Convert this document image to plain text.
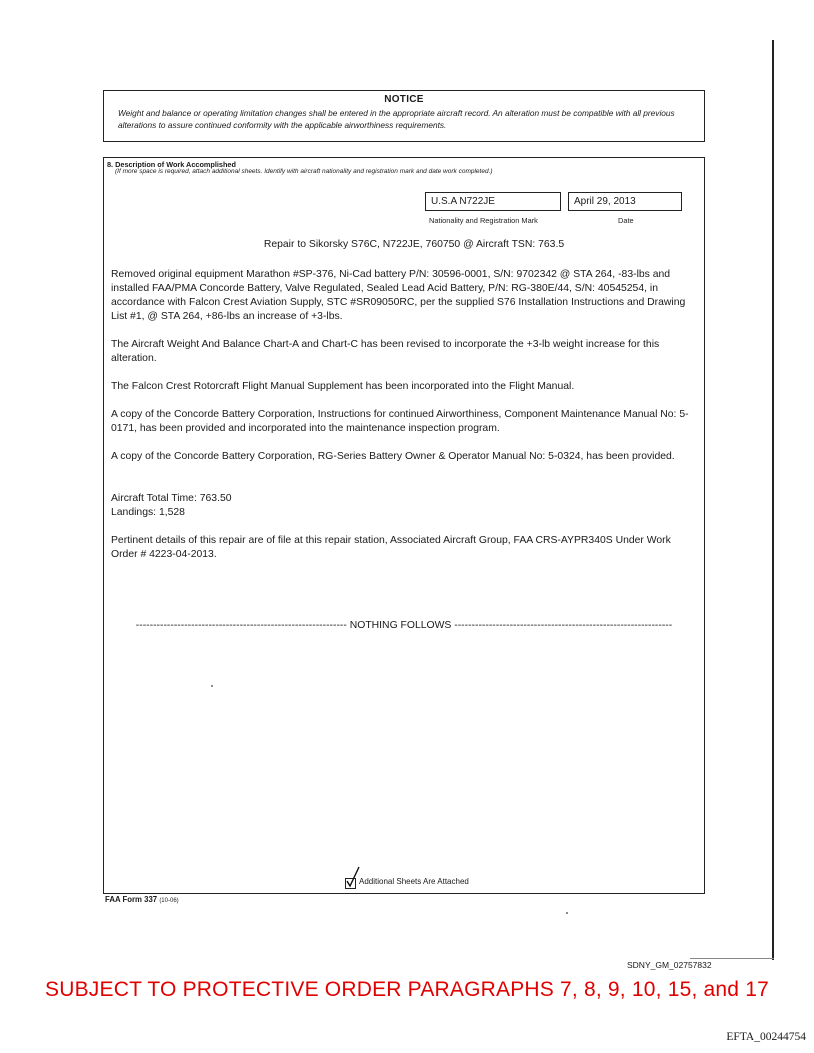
NOTICE
Weight and balance or operating limitation changes shall be entered in the appropriate aircraft record. An alteration must be compatible with all previous alterations to assure continued conformity with the applicable airworthiness requirements.
8. Description of Work Accomplished
(If more space is required, attach additional sheets. Identify with aircraft nationality and registration mark and date work completed.)
U.S.A N722JE
Nationality and Registration Mark
April 29, 2013
Date
Repair to Sikorsky S76C, N722JE, 760750 @ Aircraft TSN: 763.5
Removed original equipment Marathon #SP-376, Ni-Cad battery P/N: 30596-0001, S/N: 9702342 @ STA 264, -83-lbs and installed FAA/PMA Concorde Battery, Valve Regulated, Sealed Lead Acid Battery, P/N: RG-380E/44, S/N: 40545254, in accordance with Falcon Crest Aviation Supply, STC #SR09050RC, per the supplied S76 Installation Instructions and Drawing List #1, @ STA 264, +86-lbs an increase of +3-lbs.
The Aircraft Weight And Balance Chart-A and Chart-C has been revised to incorporate the +3-lb weight increase for this alteration.
The Falcon Crest Rotorcraft Flight Manual Supplement has been incorporated into the Flight Manual.
A copy of the Concorde Battery Corporation, Instructions for continued Airworthiness, Component Maintenance Manual No: 5-0171, has been provided and incorporated into the maintenance inspection program.
A copy of the Concorde Battery Corporation, RG-Series Battery Owner & Operator Manual No: 5-0324, has been provided.
Aircraft Total Time: 763.50
Landings: 1,528
Pertinent details of this repair are of file at this repair station, Associated Aircraft Group, FAA CRS-AYPR340S Under Work Order # 4223-04-2013.
------------------------------------------------------------- NOTHING FOLLOWS ---------------------------------------------------------------
Additional Sheets Are Attached
FAA Form 337 (10-06)
SDNY_GM_02757832
SUBJECT TO PROTECTIVE ORDER PARAGRAPHS 7, 8, 9, 10, 15, and 17
EFTA_00244754
